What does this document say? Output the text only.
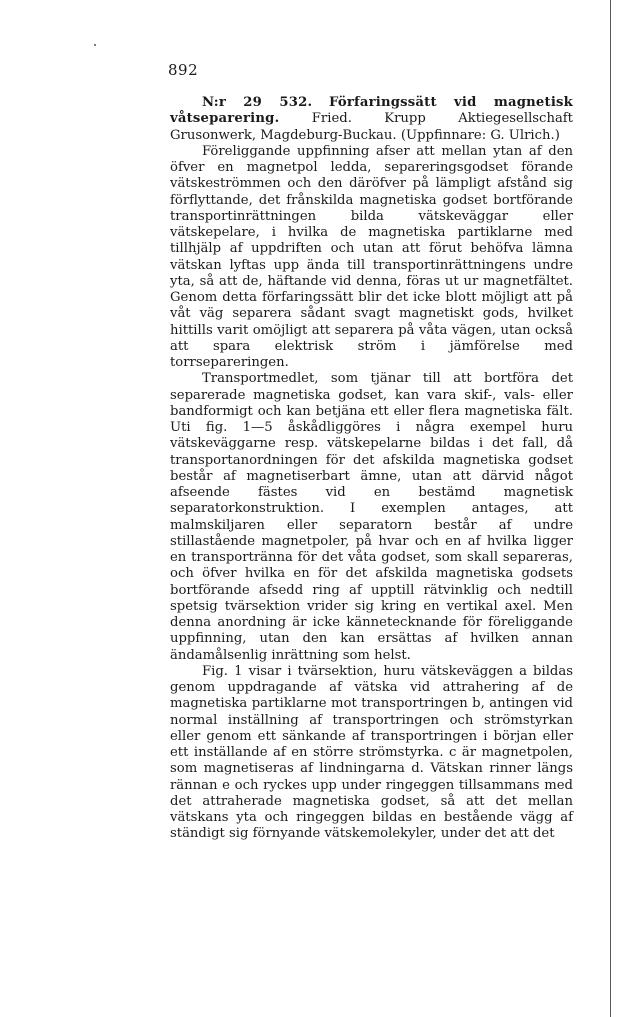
892

N:r 29 532. Förfaringssätt vid magnetisk våtseparering. Fried. Krupp Aktiegesellschaft Grusonwerk, Magdeburg-Buckau. (Uppfinnare: G. Ulrich.)

Föreliggande uppfinning afser att mellan ytan af den öfver en magnetpol ledda, separeringsgodset förande vätskeströmmen och den däröfver på lämpligt afstånd sig förflyttande, det frånskilda magnetiska godset bortförande transportinrättningen bilda vätskeväggar eller vätskepelare, i hvilka de magnetiska partiklarne med tillhjälp af uppdriften och utan att förut behöfva lämna vätskan lyftas upp ända till transportinrättningens undre yta, så att de, häftande vid denna, föras ut ur magnetfältet. Genom detta förfaringssätt blir det icke blott möjligt att på våt väg separera sådant svagt magnetiskt gods, hvilket hittills varit omöjligt att separera på våta vägen, utan också att spara elektrisk ström i jämförelse med torrsepareringen.

Transportmedlet, som tjänar till att bortföra det separerade magnetiska godset, kan vara skif-, vals- eller bandformigt och kan betjäna ett eller flera magnetiska fält. Uti fig. 1—5 åskådliggöres i några exempel huru vätskeväggarne resp. vätskepelarne bildas i det fall, då transportanordningen för det afskilda magnetiska godset består af magnetiserbart ämne, utan att därvid något afseende fästes vid en bestämd magnetisk separatorkonstruktion. I exemplen antages, att malmskiljaren eller separatorn består af undre stillastående magnetpoler, på hvar och en af hvilka ligger en transportränna för det våta godset, som skall separeras, och öfver hvilka en för det afskilda magnetiska godsets bortförande afsedd ring af upptill rätvinklig och nedtill spetsig tvärsektion vrider sig kring en vertikal axel. Men denna anordning är icke kännetecknande för föreliggande uppfinning, utan den kan ersättas af hvilken annan ändamålsenlig inrättning som helst.

Fig. 1 visar i tvärsektion, huru vätskeväggen a bildas genom uppdragande af vätska vid attrahering af de magnetiska partiklarne mot transportringen b, antingen vid normal inställning af transportringen och strömstyrkan eller genom ett sänkande af transportringen i början eller ett inställande af en större strömstyrka. c är magnetpolen, som magnetiseras af lindningarna d. Vätskan rinner längs rännan e och ryckes upp under ringeggen tillsammans med det attraherade magnetiska godset, så att det mellan vätskans yta och ringeggen bildas en bestående vägg af ständigt sig förnyande vätskemolekyler, under det att det
